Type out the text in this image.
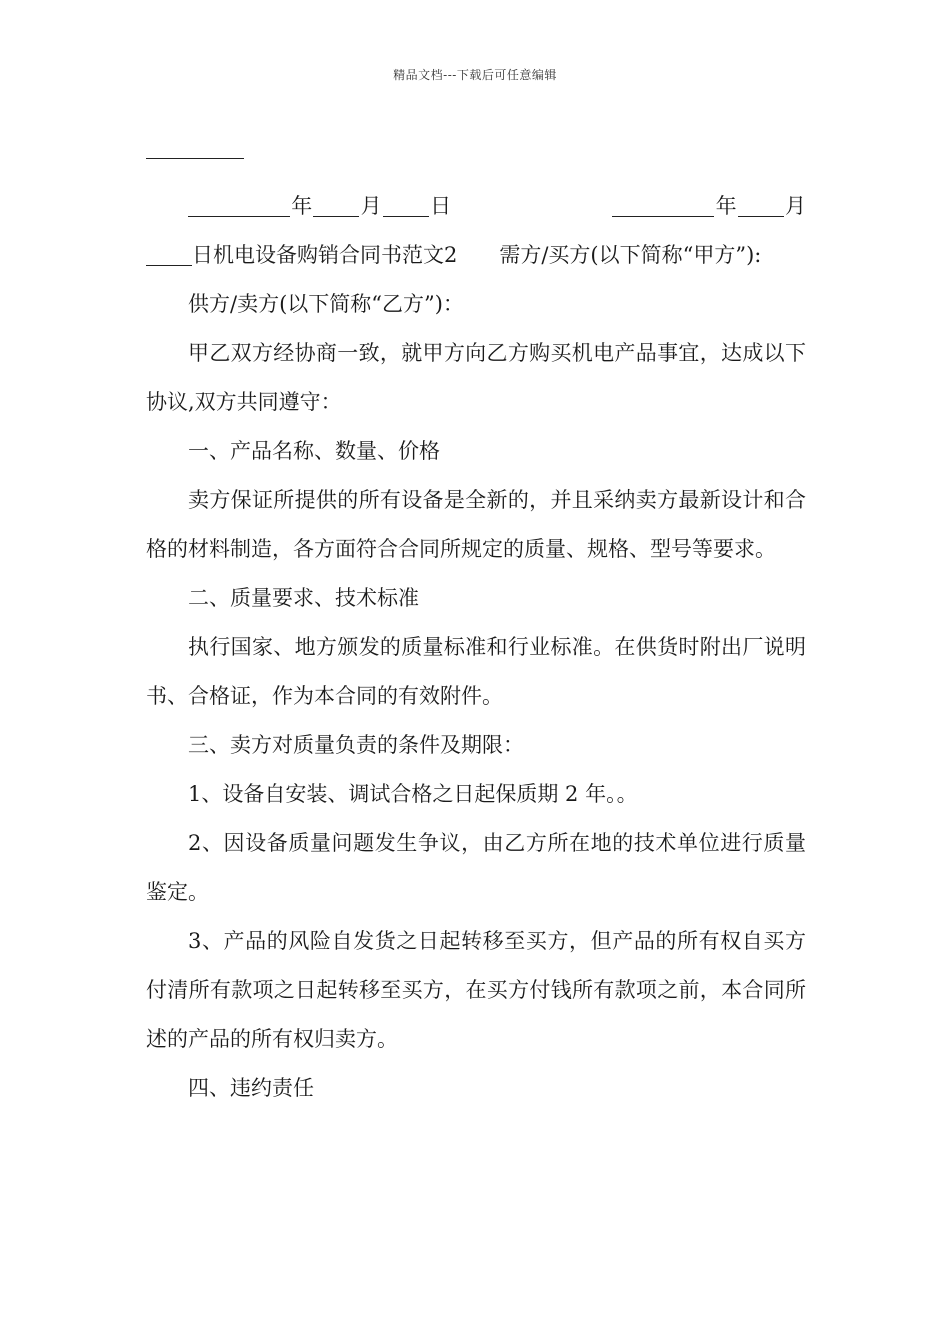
精品文档---下载后可任意编辑

年 月 日	年 月日机电设备购销合同书范文2　　需方/买方(以下简称“甲方”):

供方/卖方(以下简称“乙方”)：

甲乙双方经协商一致，就甲方向乙方购买机电产品事宜，达成以下协议,双方共同遵守：

一、产品名称、数量、价格

卖方保证所提供的所有设备是全新的，并且采纳卖方最新设计和合格的材料制造，各方面符合合同所规定的质量、规格、型号等要求。

二、质量要求、技术标准

执行国家、地方颁发的质量标准和行业标准。在供货时附出厂说明书、合格证，作为本合同的有效附件。

三、卖方对质量负责的条件及期限：

1、设备自安装、调试合格之日起保质期 2 年。。

2、因设备质量问题发生争议，由乙方所在地的技术单位进行质量鉴定。

3、产品的风险自发货之日起转移至买方，但产品的所有权自买方付清所有款项之日起转移至买方，在买方付钱所有款项之前，本合同所述的产品的所有权归卖方。

四、违约责任
